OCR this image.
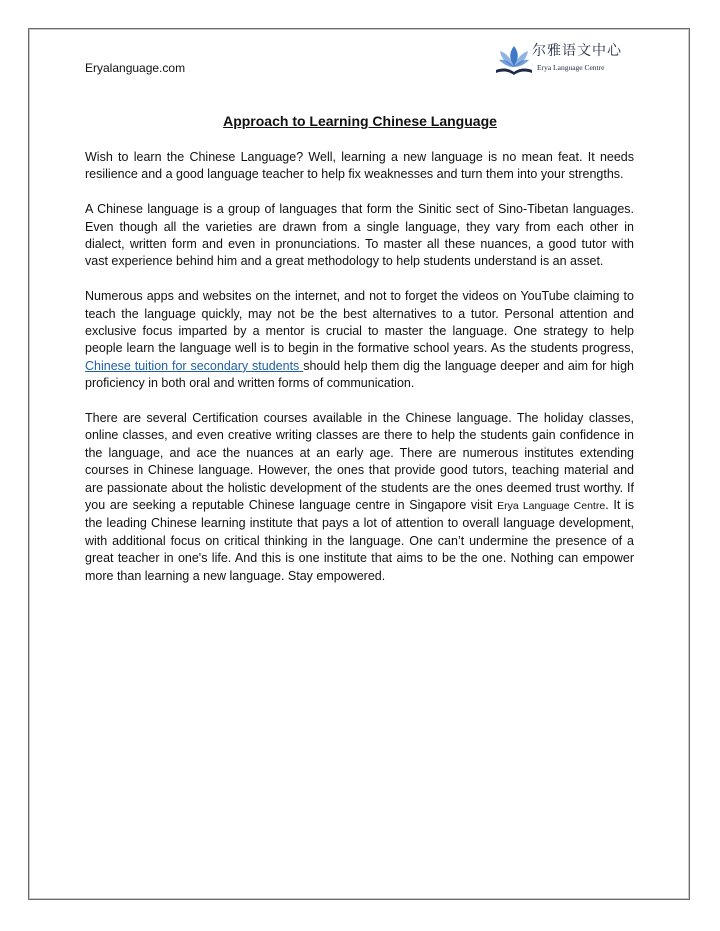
Eryalanguage.com
尔雅语文中心
Erya Language Centre
Approach to Learning Chinese Language

Wish to learn the Chinese Language? Well, learning a new language is no mean feat. It needs resilience and a good language teacher to help fix weaknesses and turn them into your strengths.

A Chinese language is a group of languages that form the Sinitic sect of Sino-Tibetan languages. Even though all the varieties are drawn from a single language, they vary from each other in dialect, written form and even in pronunciations. To master all these nuances, a good tutor with vast experience behind him and a great methodology to help students understand is an asset.

Numerous apps and websites on the internet, and not to forget the videos on YouTube claiming to teach the language quickly, may not be the best alternatives to a tutor. Personal attention and exclusive focus imparted by a mentor is crucial to master the language. One strategy to help people learn the language well is to begin in the formative school years. As the students progress, Chinese tuition for secondary students should help them dig the language deeper and aim for high proficiency in both oral and written forms of communication.

There are several Certification courses available in the Chinese language. The holiday classes, online classes, and even creative writing classes are there to help the students gain confidence in the language, and ace the nuances at an early age. There are numerous institutes extending courses in Chinese language. However, the ones that provide good tutors, teaching material and are passionate about the holistic development of the students are the ones deemed trust worthy. If you are seeking a reputable Chinese language centre in Singapore visit Erya Language Centre. It is the leading Chinese learning institute that pays a lot of attention to overall language development, with additional focus on critical thinking in the language. One can’t undermine the presence of a great teacher in one's life. And this is one institute that aims to be the one. Nothing can empower more than learning a new language. Stay empowered.
